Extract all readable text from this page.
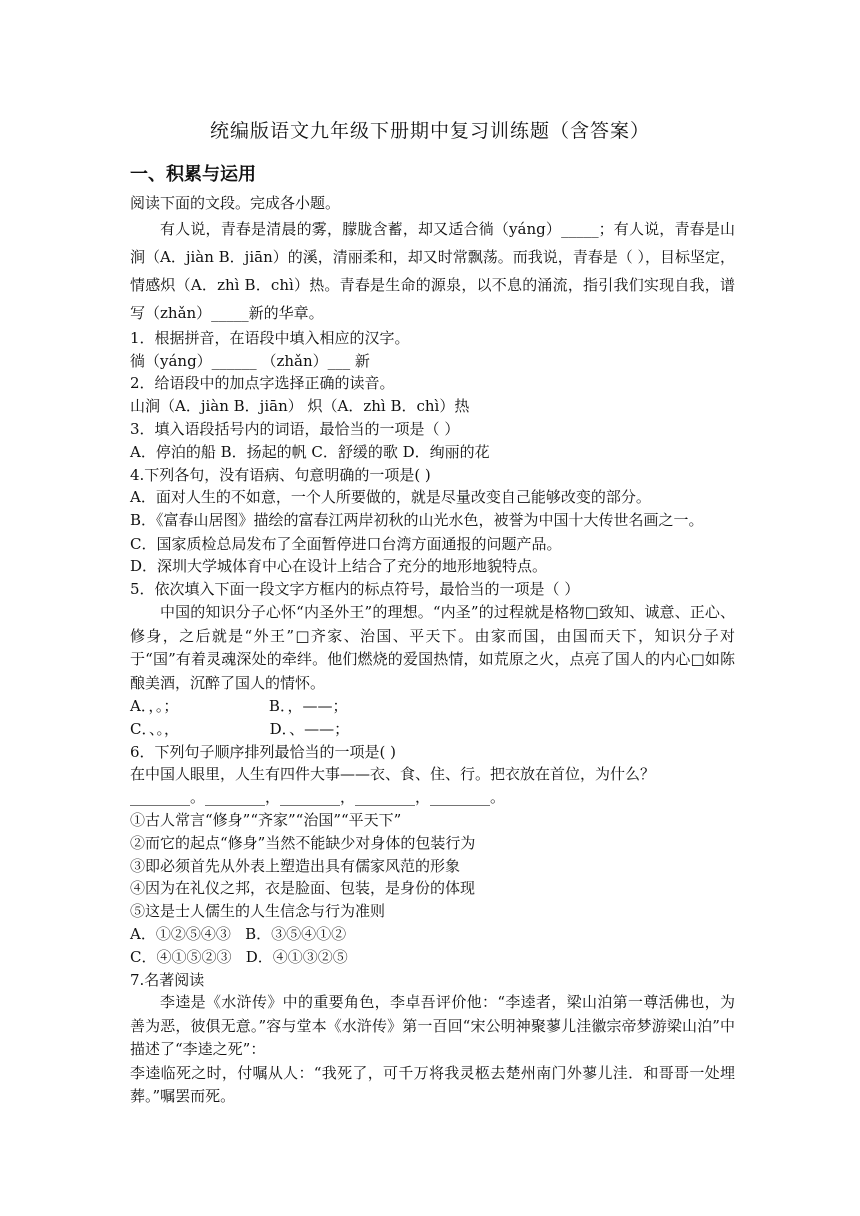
统编版语文九年级下册期中复习训练题（含答案）
一、积累与运用
阅读下面的文段。完成各小题。
有人说，青春是清晨的雾，朦胧含蓄，却又适合徜（yáng）_____；有人说，青春是山涧（A．jiàn B．jiān）的溪，清丽柔和，却又时常飘荡。而我说，青春是（ ），目标坚定，情感炽（A．zhì B．chì）热。青春是生命的源泉，以不息的涌流，指引我们实现自我，谱写（zhǎn）_____新的华章。
1．根据拼音，在语段中填入相应的汉字。
徜（yáng）______ （zhǎn）___ 新
2．给语段中的加点字选择正确的读音。
山涧（A．jiàn B．jiān） 炽（A．zhì B．chì）热
3．填入语段括号内的词语，最恰当的一项是（ ）
A．停泊的船 B．扬起的帆 C．舒缓的歌 D．绚丽的花
4.下列各句，没有语病、句意明确的一项是( )
A．面对人生的不如意，一个人所要做的，就是尽量改变自己能够改变的部分。
B．《富春山居图》描绘的富春江两岸初秋的山光水色，被誉为中国十大传世名画之一。
C．国家质检总局发布了全面暂停进口台湾方面通报的问题产品。
D．深圳大学城体育中心在设计上结合了充分的地形地貌特点。
5．依次填入下面一段文字方框内的标点符号，最恰当的一项是（ ）
中国的知识分子心怀“内圣外王”的理想。“内圣”的过程就是格物□致知、诚意、正心、修身，之后就是“外王”□齐家、治国、平天下。由家而国，由国而天下，知识分子对于“国”有着灵魂深处的牵绊。他们燃烧的爱国热情，如荒原之火，点亮了国人的内心□如陈酿美酒，沉醉了国人的情怀。
A．，。；                   B．，——；
C．、。，                   D．、——；
6．下列句子顺序排列最恰当的一项是( )
在中国人眼里，人生有四件大事——衣、食、住、行。把衣放在首位，为什么？
________。________，________，________，________。
①古人常言“修身”“齐家”“治国”“平天下”
②而它的起点“修身”当然不能缺少对身体的包装行为
③即必须首先从外表上塑造出具有儒家风范的形象
④因为在礼仪之邦，衣是脸面、包装，是身份的体现
⑤这是士人儒生的人生信念与行为准则
A．①②⑤④③   B．③⑤④①②
C．④①⑤②③   D．④①③②⑤
7.名著阅读
李逵是《水浒传》中的重要角色，李卓吾评价他：“李逵者，梁山泊第一尊活佛也，为善为恶，彼俱无意。”容与堂本《水浒传》第一百回“宋公明神聚蓼儿洼徽宗帝梦游梁山泊”中描述了“李逵之死”：
李逵临死之时，付嘱从人：“我死了，可千万将我灵柩去楚州南门外蓼儿洼．和哥哥一处埋葬。”嘱罢而死。
